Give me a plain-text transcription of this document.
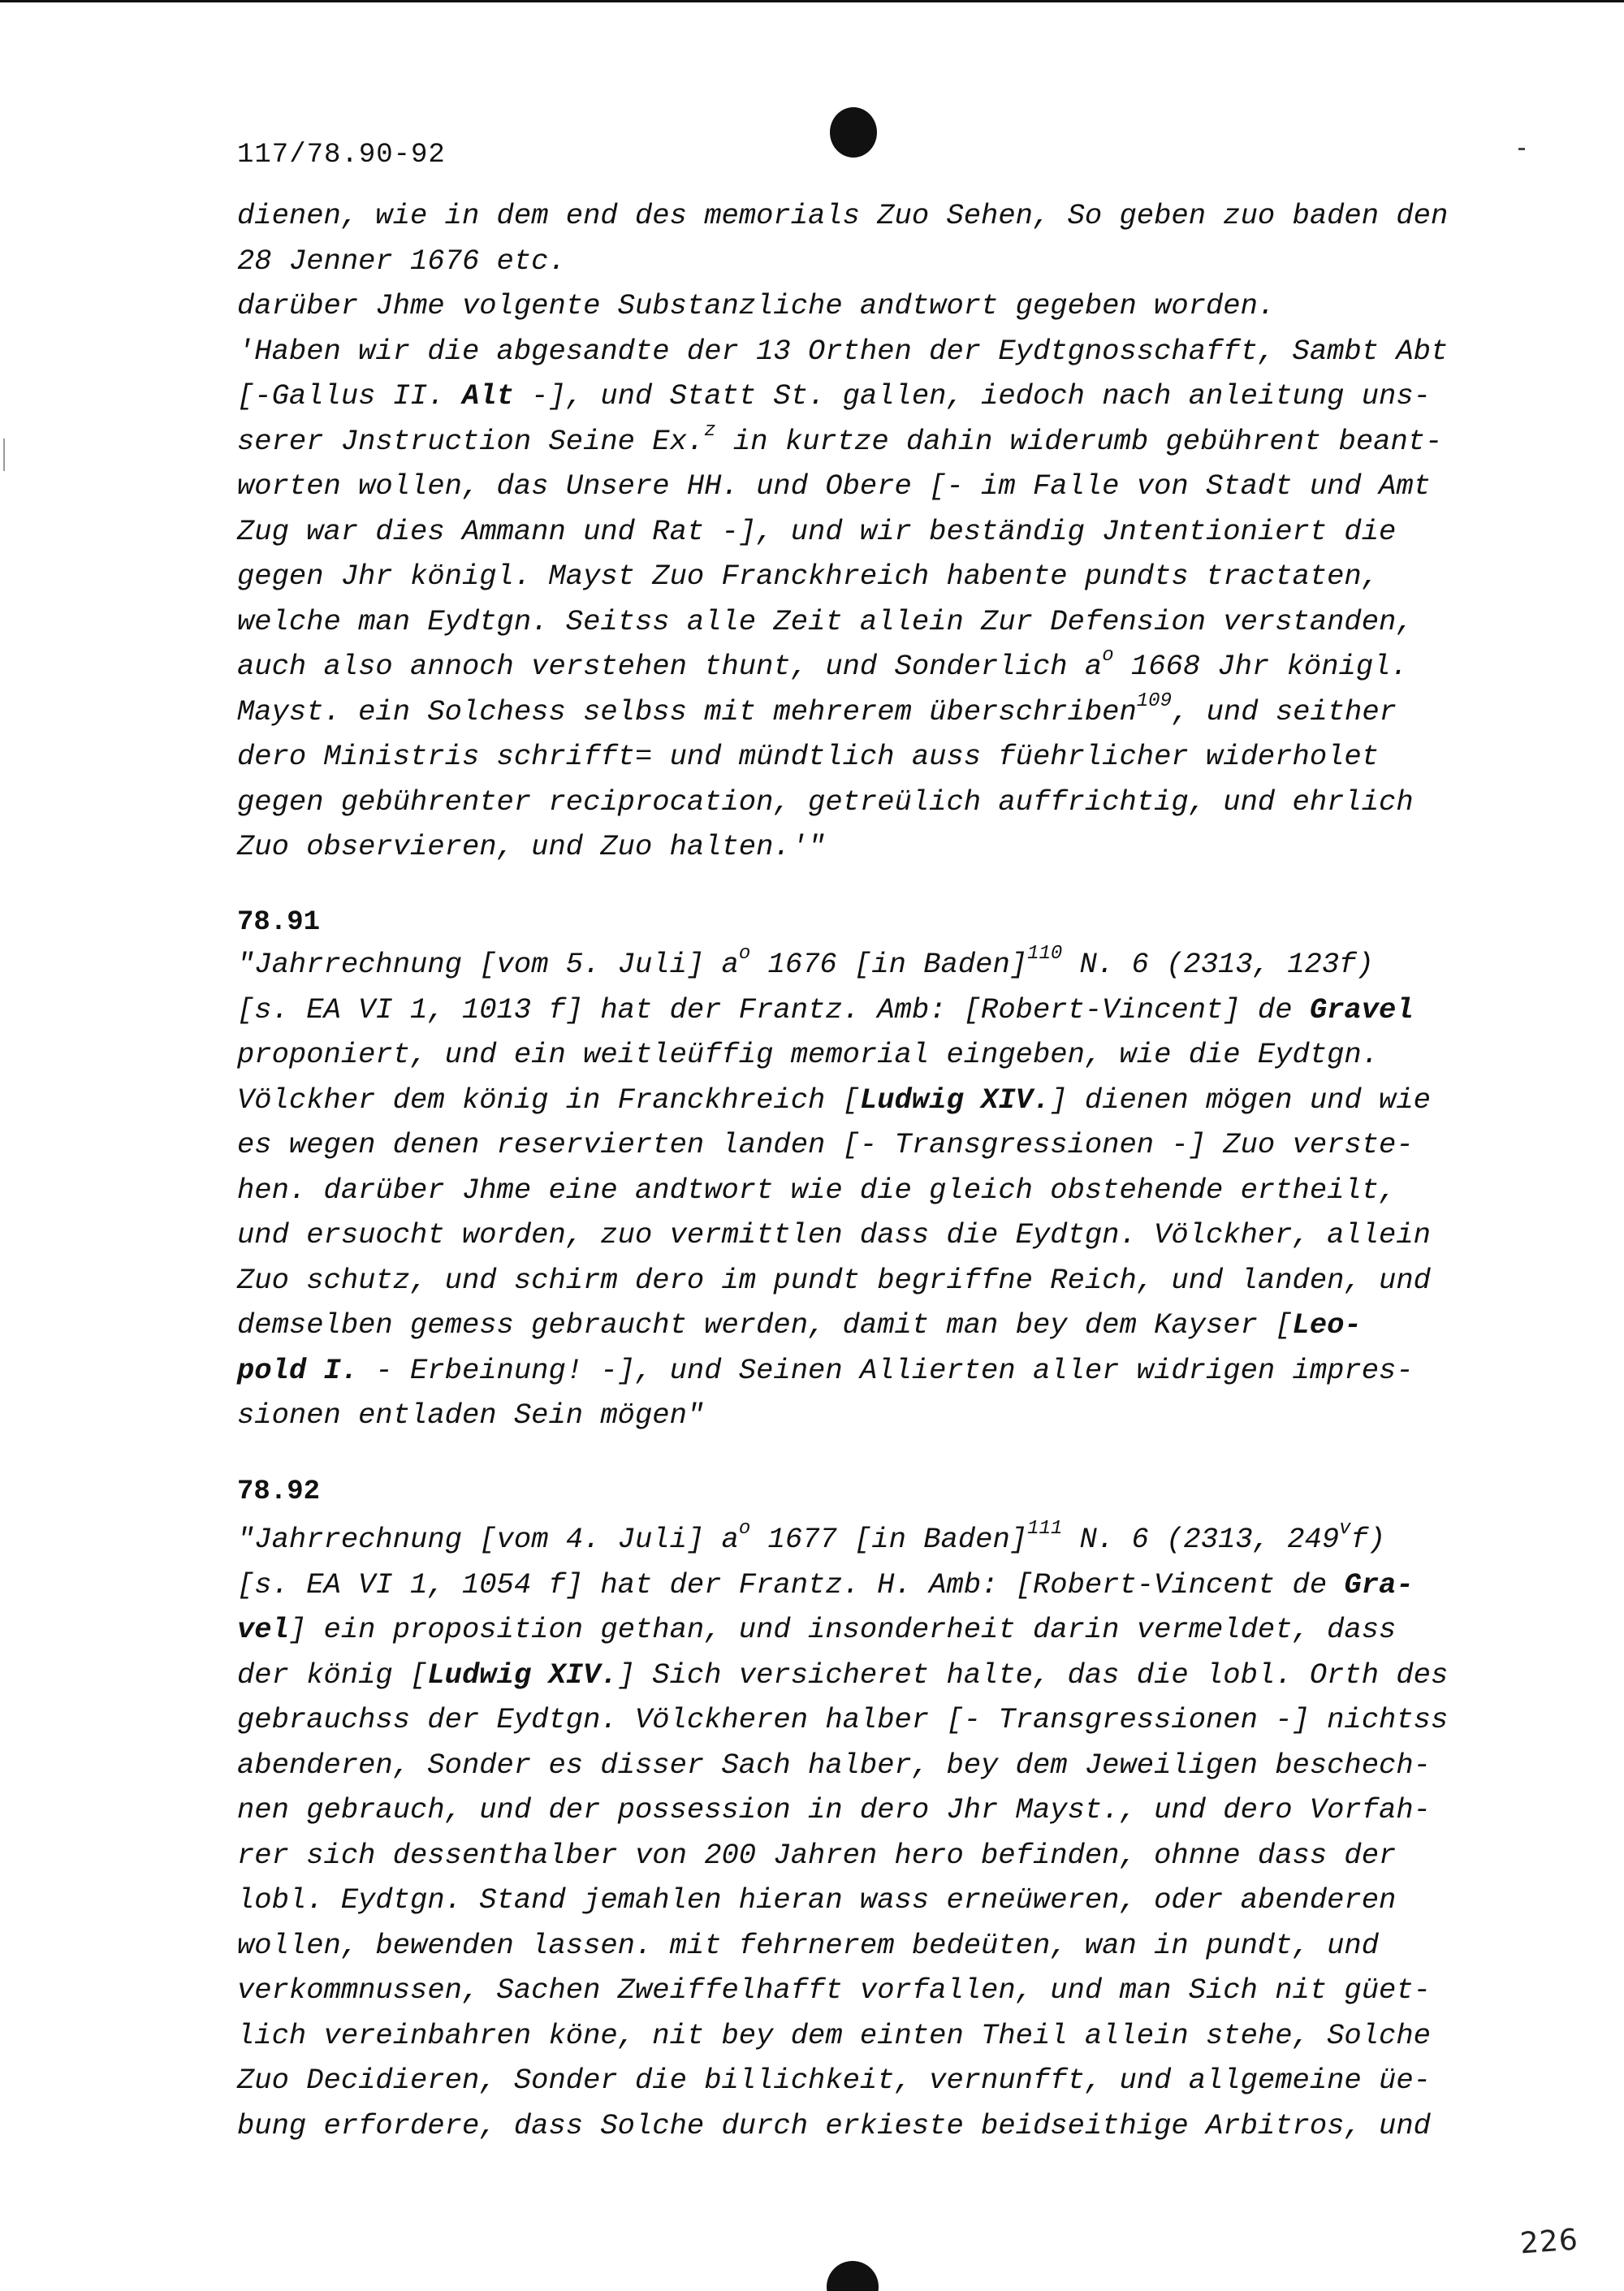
117/78.90-92
dienen, wie in dem end des memorials Zuo Sehen, So geben zuo baden den
28 Jenner 1676 etc.
darüber Jhme volgente Substanzliche andtwort gegeben worden.
'Haben wir die abgesandte der 13 Orthen der Eydtgnosschafft, Sambt Abt
[-Gallus II. Alt -], und Statt St. gallen, iedoch nach anleitung uns-
serer Jnstruction Seine Ex.$^z$ in kurtze dahin widerumb gebührent beant-
worten wollen, das Unsere HH. und Obere [- im Falle von Stadt und Amt
Zug war dies Ammann und Rat -], und wir beständig Jntentioniert die
gegen Jhr königl. Mayst Zuo Franckhreich habente pundts tractaten,
welche man Eydtgn. Seitss alle Zeit allein Zur Defension verstanden,
auch also annoch verstehen thunt, und Sonderlich $a^o$ 1668 Jhr königl.
Mayst. ein Solchess selbss mit mehrerem überschriben$^{109}$, und seither
dero Ministris schrifft= und mündtlich auss füehrlicher widerholet
gegen gebührenter reciprocation, getreülich auffrichtig, und ehrlich
Zuo observieren, und Zuo halten.'"
78.91
"Jahrrechnung [vom 5. Juli] $a^o$ 1676 [in Baden]$^{110}$ N. 6 (2313, 123f)
[s. EA VI 1, 1013 f] hat der Frantz. Amb: [Robert-Vincent] de Gravel
proponiert, und ein weitleüffig memorial eingeben, wie die Eydtgn.
Völckher dem könig in Franckhreich [Ludwig XIV.] dienen mögen und wie
es wegen denen reservierten landen [- Transgressionen -] Zuo verste-
hen. darüber Jhme eine andtwort wie die gleich obstehende ertheilt,
und ersuocht worden, zuo vermittlen dass die Eydtgn. Völckher, allein
Zuo schutz, und schirm dero im pundt begriffne Reich, und landen, und
demselben gemess gebraucht werden, damit man bey dem Kayser [Leo-
pold I. - Erbeinung! -], und Seinen Allierten aller widrigen impres-
sionen entladen Sein mögen"
78.92
"Jahrrechnung [vom 4. Juli] $a^o$ 1677 [in Baden]$^{111}$ N. 6 (2313, 249$^v$f)
[s. EA VI 1, 1054 f] hat der Frantz. H. Amb: [Robert-Vincent de Gra-
vel] ein proposition gethan, und insonderheit darin vermeldet, dass
der könig [Ludwig XIV.] Sich versicheret halte, das die lobl. Orth des
gebrauchss der Eydtgn. Völckheren halber [- Transgressionen -] nichtss
abenderen, Sonder es disser Sach halber, bey dem Jeweiligen beschech-
nen gebrauch, und der possession in dero Jhr Mayst., und dero Vorfah-
rer sich dessenthalber von 200 Jahren hero befinden, ohnne dass der
lobl. Eydtgn. Stand jemahlen hieran wass erneüweren, oder abenderen
wollen, bewenden lassen. mit fehrnerem bedeüten, wan in pundt, und
verkommnussen, Sachen Zweiffelhafft vorfallen, und man Sich nit güet-
lich vereinbahren köne, nit bey dem einten Theil allein stehe, Solche
Zuo Decidieren, Sonder die billichkeit, vernunfft, und allgemeine üe-
bung erfordere, dass Solche durch erkieste beidseithige Arbitros, und
226
